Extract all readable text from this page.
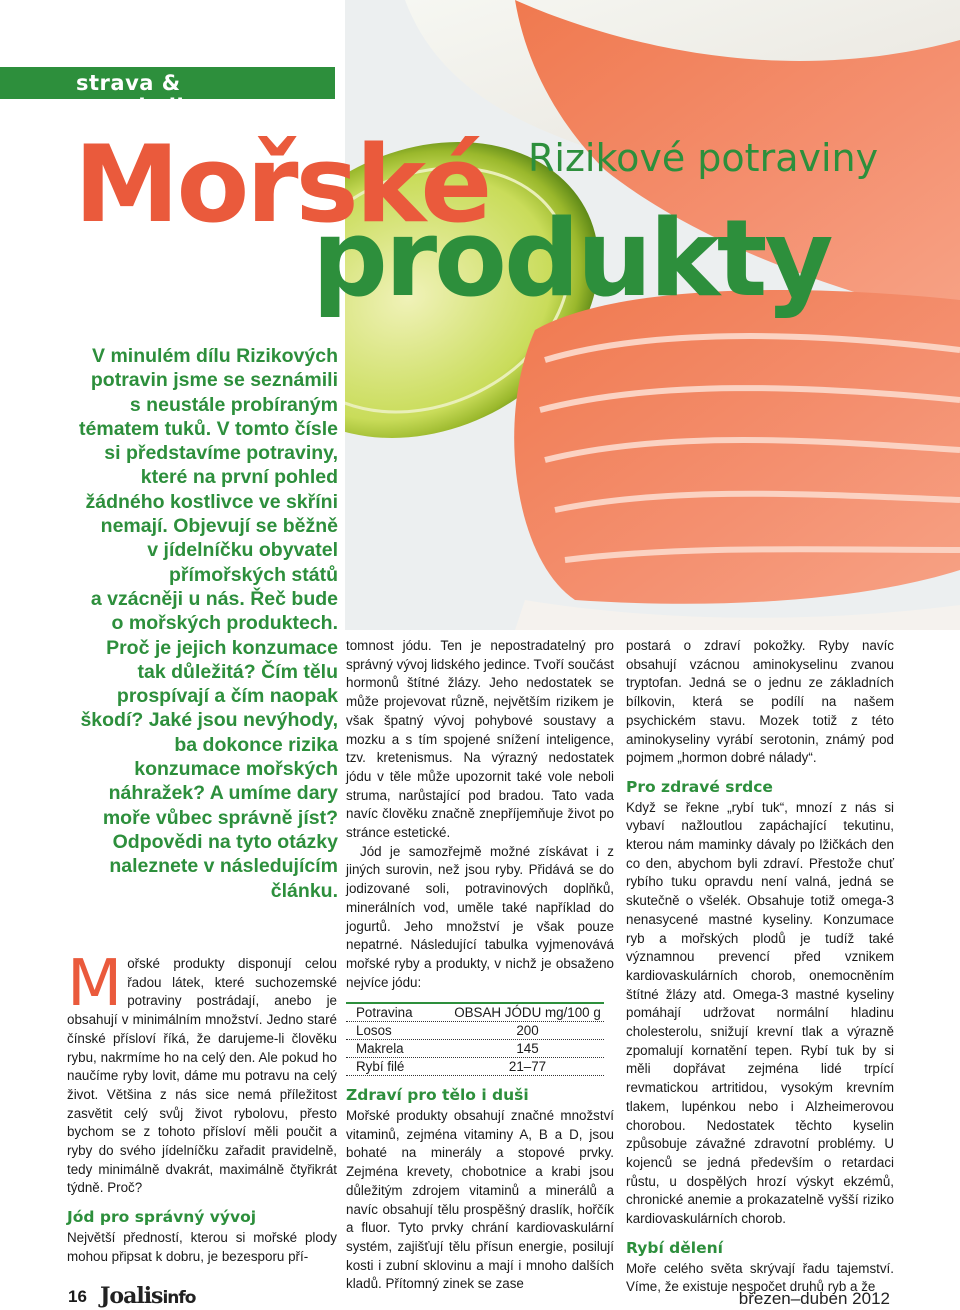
strava & metabolismus
Rizikové potraviny
Mořské
produkty
V minulém dílu Rizikových
potravin jsme se seznámili
s neustále probíraným
tématem tuků. V tomto čísle
si představíme potraviny,
které na první pohled
žádného kostlivce ve skříni
nemají. Objevují se běžně
v jídelníčku obyvatel
přímořských států
a vzácněji u nás. Řeč bude
o mořských produktech.
Proč je jejich konzumace
tak důležitá? Čím tělu
prospívají a čím naopak
škodí? Jaké jsou nevýhody,
ba dokonce rizika
konzumace mořských
náhražek? A umíme dary
moře vůbec správně jíst?
Odpovědi na tyto otázky
naleznete v následujícím
článku.

Mořské produkty disponují celou řadou látek, které suchozemské potraviny postrádají, anebo je obsahují v minimálním množství. Jedno staré čínské přísloví říká, že darujeme-li člověku rybu, nakrmíme ho na celý den. Ale pokud ho naučíme ryby lovit, dáme mu potravu na celý život. Většina z nás sice nemá příležitost zasvětit celý svůj život rybolovu, přesto bychom se z tohoto přísloví měli poučit a ryby do svého jídelníčku zařadit pravidelně, tedy minimálně dvakrát, maximálně čtyřikrát týdně. Proč?

Jód pro správný vývoj

Největší předností, kterou si mořské plody mohou připsat k dobru, je bezesporu pří-

tomnost jódu. Ten je nepostradatelný pro správný vývoj lidského jedince. Tvoří součást hormonů štítné žlázy. Jeho nedostatek se může projevovat různě, největším rizikem je však špatný vývoj pohybové soustavy a mozku a s tím spojené snížení inteligence, tzv. kretenismus. Na výrazný nedostatek jódu v těle může upozornit také vole neboli struma, narůstající pod bradou. Tato vada navíc člověku značně znepříjemňuje život po stránce estetické.

Jód je samozřejmě možné získávat i z jiných surovin, než jsou ryby. Přidává se do jodizované soli, potravinových doplňků, minerálních vod, uměle také například do jogurtů. Jeho množství je však pouze nepatrné. Následující tabulka vyjmenovává mořské ryby a produkty, v nichž je obsaženo nejvíce jódu:

Potravina	OBSAH JÓDU mg/100 g
Losos	200
Makrela	145
Rybí filé	21–77
Zdraví pro tělo i duši

Mořské produkty obsahují značné množství vitaminů, zejména vitaminy A, B a D, jsou bohaté na minerály a stopové prvky. Zejména krevety, chobotnice a krabi jsou důležitým zdrojem vitaminů a minerálů a navíc obsahují tělu prospěšný draslík, hořčík a fluor. Tyto prvky chrání kardiovaskulární systém, zajišťují tělu přísun energie, posilují kosti i zubní sklovinu a mají i mnoho dalších kladů. Přítomný zinek se zase

postará o zdraví pokožky. Ryby navíc obsahují vzácnou aminokyselinu zvanou tryptofan. Jedná se o jednu ze základních bílkovin, která se podílí na našem psychickém stavu. Mozek totiž z této aminokyseliny vyrábí serotonin, známý pod pojmem „hormon dobré nálady“.

Pro zdravé srdce

Když se řekne „rybí tuk“, mnozí z nás si vybaví nažloutlou zapáchající tekutinu, kterou nám maminky dávaly po lžičkách den co den, abychom byli zdraví. Přestože chuť rybího tuku opravdu není valná, jedná se skutečně o všelék. Obsahuje totiž omega-3 nenasycené mastné kyseliny. Konzumace ryb a mořských plodů je tudíž také významnou prevencí před vznikem kardiovaskulárních chorob, onemocněním štítné žlázy atd. Omega-3 mastné kyseliny pomáhají udržovat normální hladinu cholesterolu, snižují krevní tlak a výrazně zpomalují kornatění tepen. Rybí tuk by si měli dopřávat zejména lidé trpící revmatickou artritidou, vysokým krevním tlakem, lupénkou nebo i Alzheimerovou chorobou. Nedostatek těchto kyselin způsobuje závažné zdravotní problémy. U kojenců se jedná především o retardaci růstu, u dospělých hrozí výskyt ekzémů, chronické anemie a prokazatelně vyšší riziko kardiovaskulárních chorob.

Rybí dělení

Moře celého světa skrývají řadu tajemství. Víme, že existuje nespočet druhů ryb a že

16 Joalisinfo	březen–duben 2012
